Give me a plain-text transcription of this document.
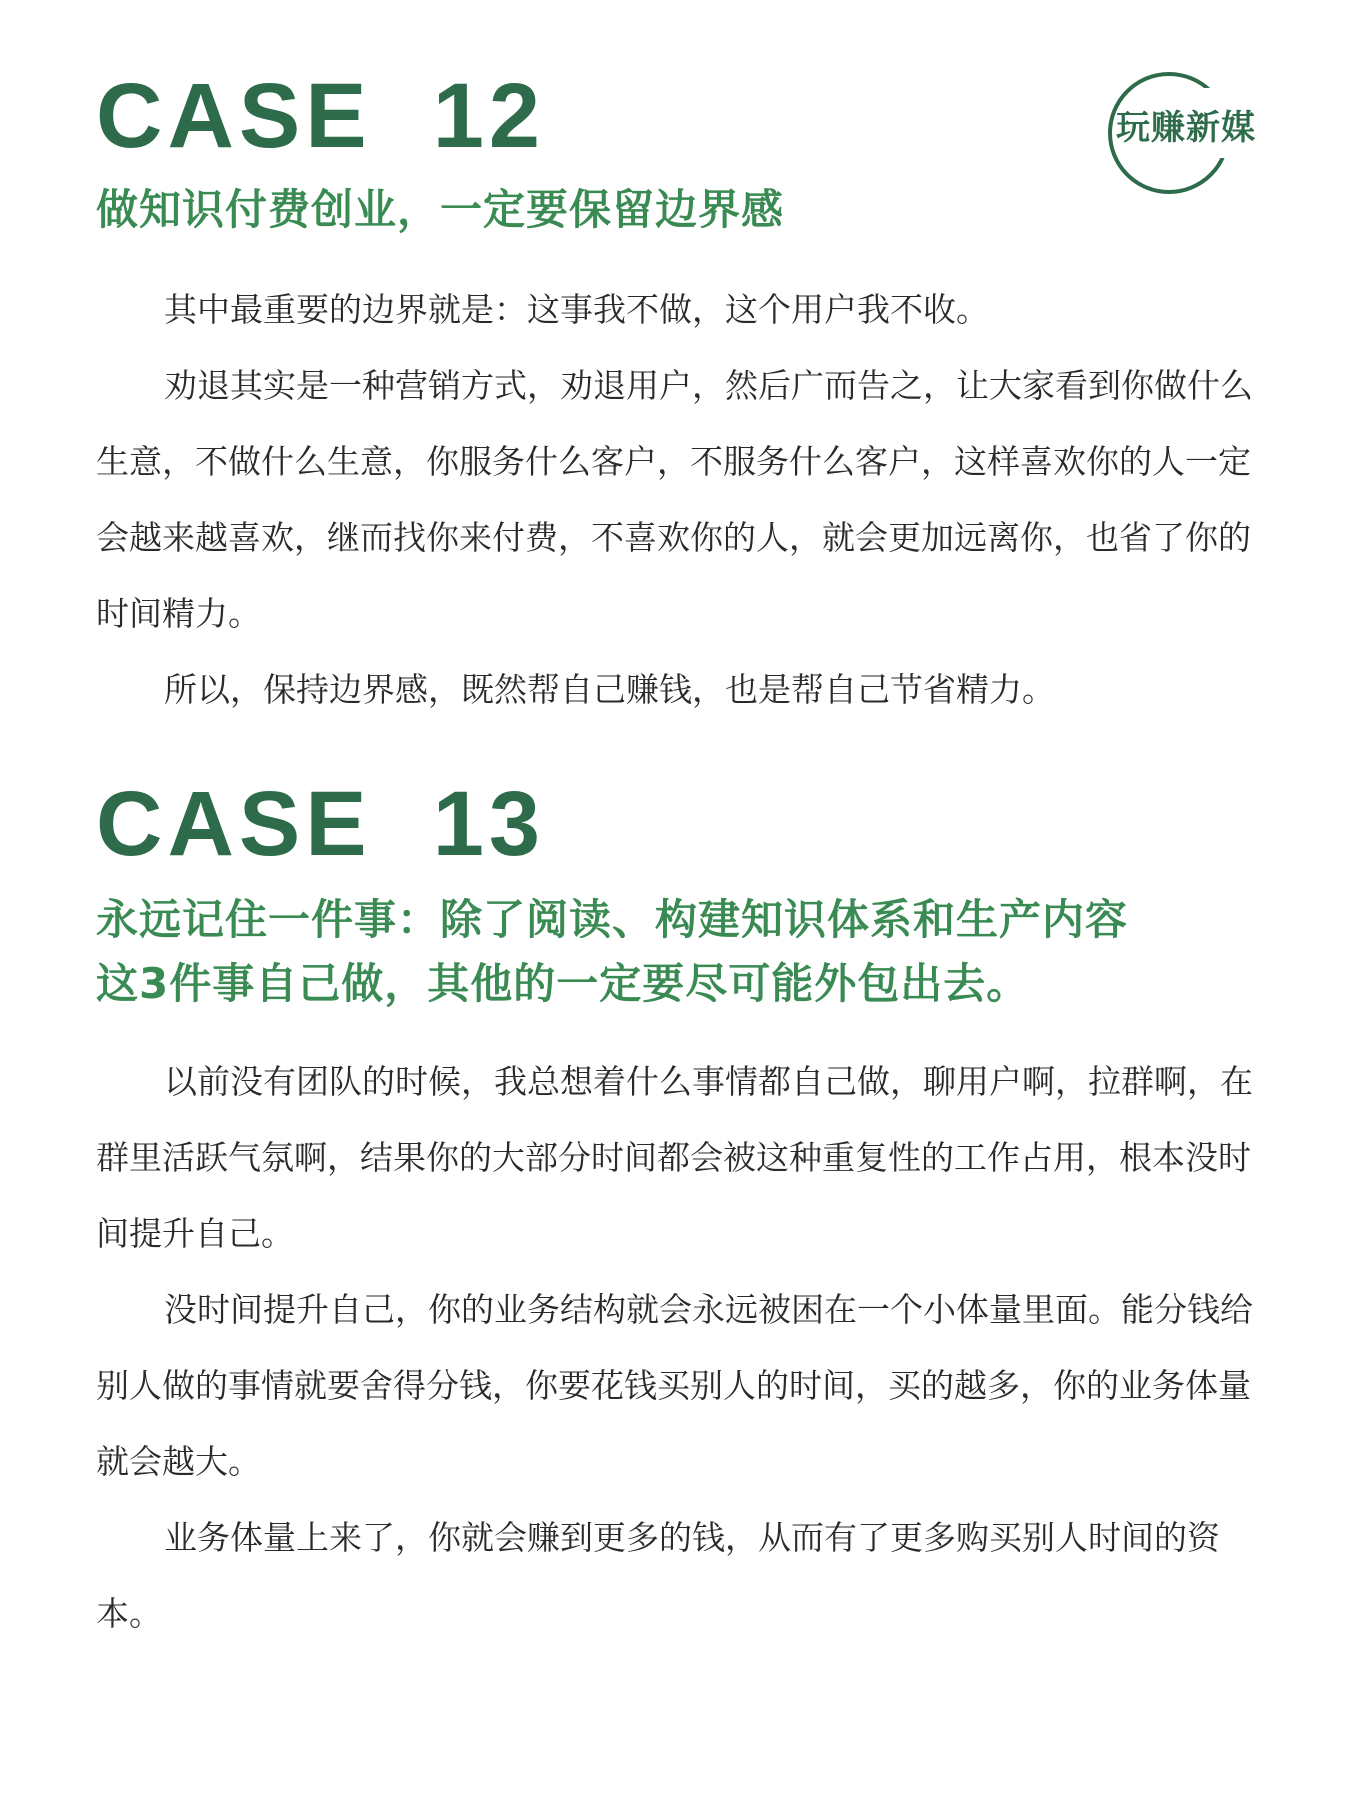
玩赚新媒
CASE  12
做知识付费创业，一定要保留边界感

其中最重要的边界就是：这事我不做，这个用户我不收。

劝退其实是一种营销方式，劝退用户，然后广而告之，让大家看到你做什么生意，不做什么生意，你服务什么客户，不服务什么客户，这样喜欢你的人一定会越来越喜欢，继而找你来付费，不喜欢你的人，就会更加远离你，也省了你的时间精力。

所以，保持边界感，既然帮自己赚钱，也是帮自己节省精力。

CASE  13
永远记住一件事：除了阅读、构建知识体系和生产内容
这3件事自己做，其他的一定要尽可能外包出去。

以前没有团队的时候，我总想着什么事情都自己做，聊用户啊，拉群啊，在群里活跃气氛啊，结果你的大部分时间都会被这种重复性的工作占用，根本没时间提升自己。

没时间提升自己，你的业务结构就会永远被困在一个小体量里面。能分钱给别人做的事情就要舍得分钱，你要花钱买别人的时间，买的越多，你的业务体量就会越大。

业务体量上来了，你就会赚到更多的钱，从而有了更多购买别人时间的资本。
